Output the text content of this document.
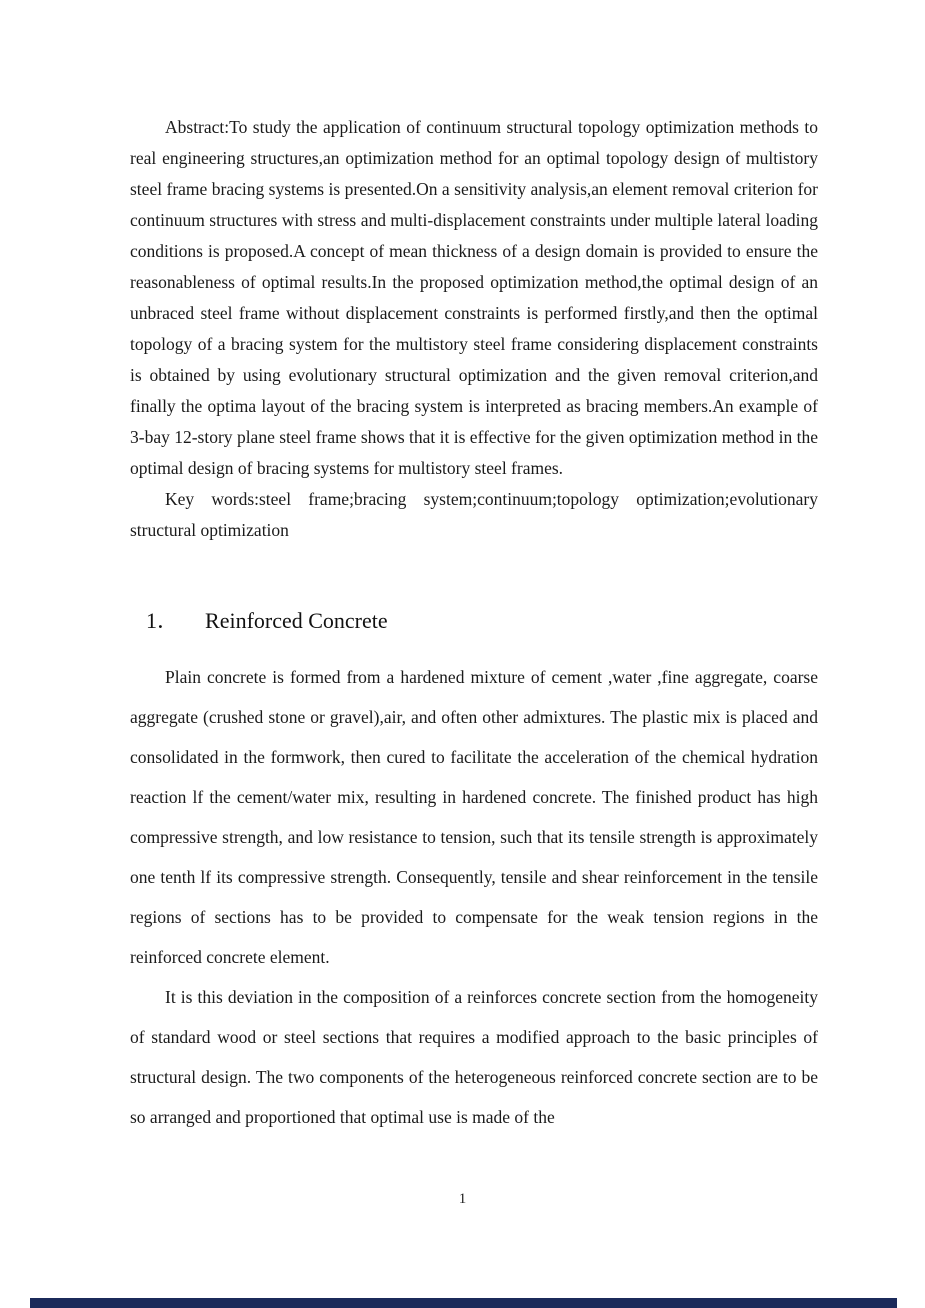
Abstract:To study the application of continuum structural topology optimization methods to real engineering structures,an optimization method for an optimal topology design of multistory steel frame bracing systems is presented.On a sensitivity analysis,an element removal criterion for continuum structures with stress and multi-displacement constraints under multiple lateral loading conditions is proposed.A concept of mean thickness of a design domain is provided to ensure the reasonableness of optimal results.In the proposed optimization method,the optimal design of an unbraced steel frame without displacement constraints is performed firstly,and then the optimal topology of a bracing system for the multistory steel frame considering displacement constraints is obtained by using evolutionary structural optimization and the given removal criterion,and finally the optima layout of the bracing system is interpreted as bracing members.An example of 3-bay 12-story plane steel frame shows that it is effective for the given optimization method in the optimal design of bracing systems for multistory steel frames.

Key words:steel frame;bracing system;continuum;topology optimization;evolutionary structural optimization

1． Reinforced Concrete

Plain concrete is formed from a hardened mixture of cement ,water ,fine aggregate, coarse aggregate (crushed stone or gravel),air, and often other admixtures. The plastic mix is placed and consolidated in the formwork, then cured to facilitate the acceleration of the chemical hydration reaction lf the cement/water mix, resulting in hardened concrete. The finished product has high compressive strength, and low resistance to tension, such that its tensile strength is approximately one tenth lf its compressive strength. Consequently, tensile and shear reinforcement in the tensile regions of sections has to be provided to compensate for the weak tension regions in the reinforced concrete element.

It is this deviation in the composition of a reinforces concrete section from the homogeneity of standard wood or steel sections that requires a modified approach to the basic principles of structural design. The two components of the heterogeneous reinforced concrete section are to be so arranged and proportioned that optimal use is made of the

1
